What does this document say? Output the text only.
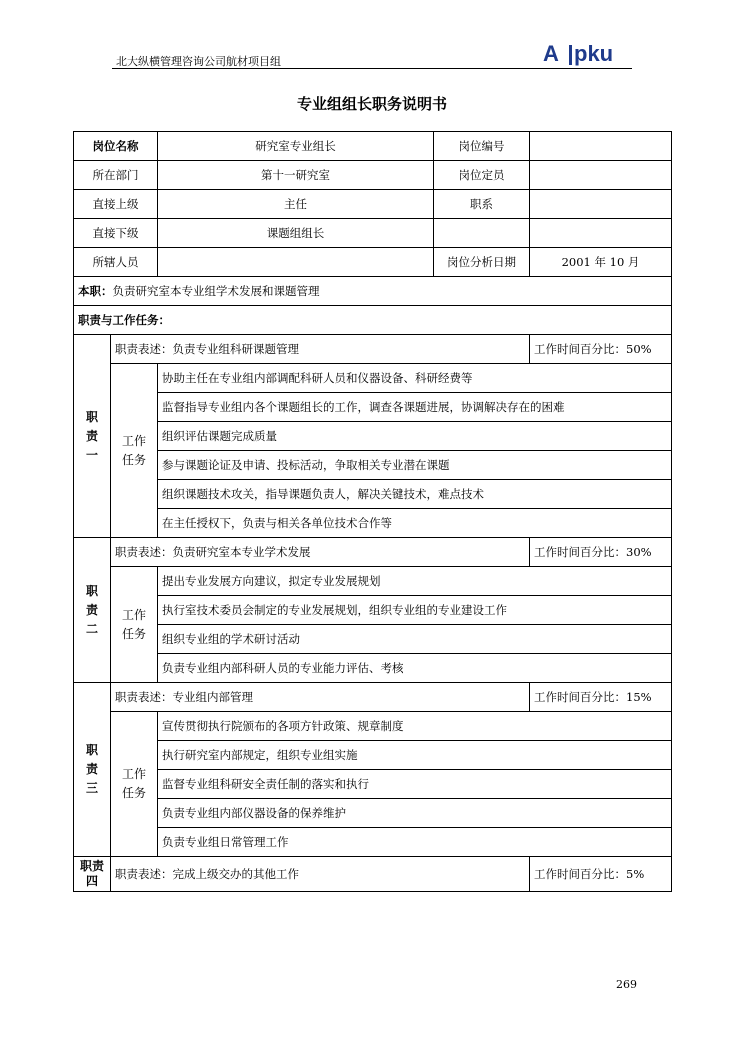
北大纵横管理咨询公司航材项目组	A pku
专业组组长职务说明书
岗位名称		研究室专业组长	岗位编号	
所在部门		第十一研究室	岗位定员	
直接上级		主任	职系	
直接下级		课题组组长		
所辖人员			岗位分析日期	2001 年 10 月
本职：负责研究室本专业组学术发展和课题管理				
职责与工作任务：				

职
责
一	职责表述：负责专业组科研课题管理			工作时间百分比：50%

	工作
任务	协助主任在专业组内部调配科研人员和仪器设备、科研经费等		
		监督指导专业组内各个课题组长的工作，调查各课题进展，协调解决存在的困难		
		组织评估课题完成质量		
		参与课题论证及申请、投标活动，争取相关专业潜在课题		
		组织课题技术攻关，指导课题负责人，解决关键技术，难点技术		
		在主任授权下，负责与相关各单位技术合作等		

职
责
二	职责表述：负责研究室本专业学术发展			工作时间百分比：30%

	工作
任务	提出专业发展方向建议，拟定专业发展规划		
		执行室技术委员会制定的专业发展规划，组织专业组的专业建设工作		
		组织专业组的学术研讨活动		
		负责专业组内部科研人员的专业能力评估、考核		

职
责
三	职责表述：专业组内部管理			工作时间百分比：15%

	工作
任务	宣传贯彻执行院颁布的各项方针政策、规章制度		
		执行研究室内部规定，组织专业组实施		
		监督专业组科研安全责任制的落实和执行		
		负责专业组内部仪器设备的保养维护		
		负责专业组日常管理工作		

职责
四	职责表述：完成上级交办的其他工作			工作时间百分比：5%
269
